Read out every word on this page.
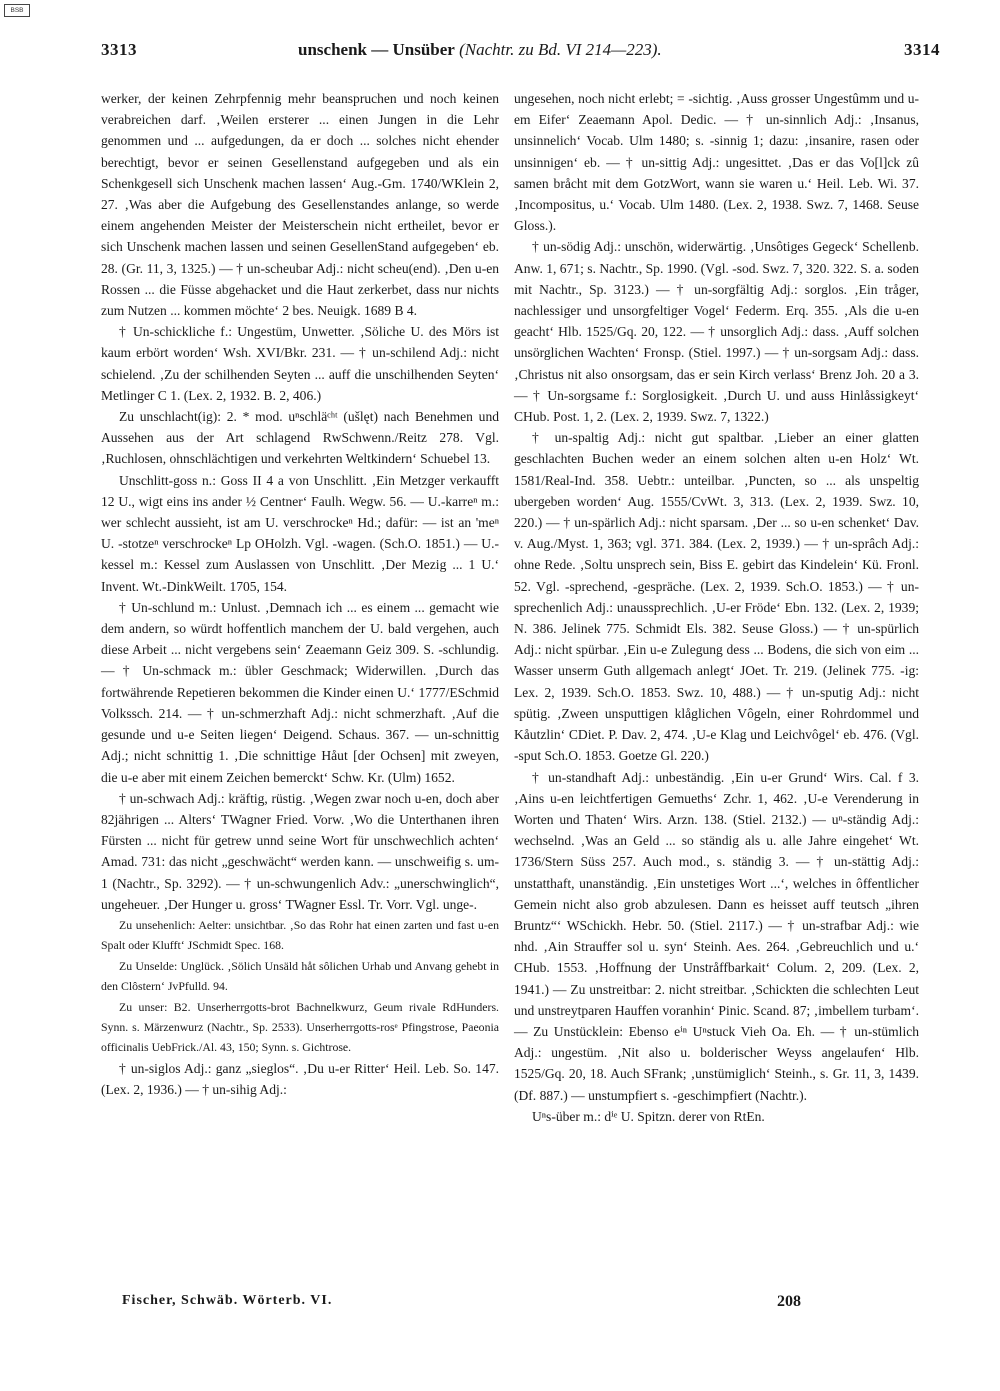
BSB
3313	unschenk — Unsüber (Nachtr. zu Bd. VI 214—223).	3314

werker, der keinen Zehrpfennig mehr beanspruchen und noch keinen verabreichen darf. ‚Weilen ersterer ... einen Jungen in die Lehr genommen und ... aufgedungen, da er doch ... solches nicht ehender berechtigt, bevor er seinen Gesellenstand aufgegeben und als ein Schenkgesell sich Unschenk machen lassen‘ Aug.-Gm. 1740/WKlein 2, 27. ‚Was aber die Aufgebung des Gesellenstandes anlange, so werde einem angehenden Meister der Meisterschein nicht ertheilet, bevor er sich Unschenk machen lassen und seinen GesellenStand aufgegeben‘ eb. 28. (Gr. 11, 3, 1325.) — † un-scheubar Adj.: nicht scheu(end). ‚Den u-en Rossen ... die Füsse abgehacket und die Haut zerkerbet, dass nur nichts zum Nutzen ... kommen möchte‘ 2 bes. Neuigk. 1689 B 4.

† Un-schickliche f.: Ungestüm, Unwetter. ‚Söliche U. des Mörs ist kaum erbört worden‘ Wsh. XVI/Bkr. 231. — † un-schilend Adj.: nicht schielend. ‚Zu der schilhenden Seyten ... auff die unschilhenden Seyten‘ Metlinger C 1. (Lex. 2, 1932. B. 2, 406.)

Zu unschlacht(ig): 2. * mod. uⁿschläᶜʰᵗ (ušlęt) nach Benehmen und Aussehen aus der Art schlagend RwSchwenn./Reitz 278. Vgl. ‚Ruchlosen, ohnschlächtigen und verkehrten Weltkindern‘ Schuebel 13.

Unschlitt-goss n.: Goss II 4 a von Unschlitt. ‚Ein Metzger verkaufft 12 U., wigt eins ins ander ½ Centner‘ Faulh. Wegw. 56. — U.-karreⁿ m.: wer schlecht aussieht, ist am U. verschrockeⁿ Hd.; dafür: — ist an 'meⁿ U. -stotzeⁿ verschrockeⁿ Lp OHolzh. Vgl. -wagen. (Sch.O. 1851.) — U.-kessel m.: Kessel zum Auslassen von Unschlitt. ‚Der Mezig ... 1 U.‘ Invent. Wt.-DinkWeilt. 1705, 154.

† Un-schlund m.: Unlust. ‚Demnach ich ... es einem ... gemacht wie dem andern, so würdt hoffentlich manchem der U. bald vergehen, auch diese Arbeit ... nicht vergebens sein‘ Zeaemann Geiz 309. S. -schlundig. — † Un-schmack m.: übler Geschmack; Widerwillen. ‚Durch das fortwährende Repetieren bekommen die Kinder einen U.‘ 1777/ESchmid Volkssch. 214. — † un-schmerzhaft Adj.: nicht schmerzhaft. ‚Auf die gesunde und u-e Seiten liegen‘ Deigend. Schaus. 367. — un-schnittig Adj.; nicht schnittig 1. ‚Die schnittige Håut [der Ochsen] mit zweyen, die u-e aber mit einem Zeichen bemerckt‘ Schw. Kr. (Ulm) 1652.

† un-schwach Adj.: kräftig, rüstig. ‚Wegen zwar noch u-en, doch aber 82jährigen ... Alters‘ TWagner Fried. Vorw. ‚Wo die Unterthanen ihren Fürsten ... nicht für getrew unnd seine Wort für unschwechlich achten‘ Amad. 731: das nicht „geschwächt“ werden kann. — unschweifig s. um- 1 (Nachtr., Sp. 3292). — † un-schwungenlich Adv.: „unerschwinglich“, ungeheuer. ‚Der Hunger u. gross‘ TWagner Essl. Tr. Vorr. Vgl. unge-.

Zu unsehenlich: Aelter: unsichtbar. ‚So das Rohr hat einen zarten und fast u-en Spalt oder Klufft‘ JSchmidt Spec. 168.

Zu Unselde: Unglück. ‚Sölich Unsäld håt sôlichen Urhab und Anvang gehebt in den Clôstern‘ JvPfulld. 94.

Zu unser: B2. Unserherrgotts-brot Bachnelkwurz, Geum rivale RdHunders. Synn. s. Märzenwurz (Nachtr., Sp. 2533). Unserherrgotts-rosᵉ Pfingstrose, Paeonia officinalis UebFrick./Al. 43, 150; Synn. s. Gichtrose.

† un-siglos Adj.: ganz „sieglos“. ‚Du u-er Ritter‘ Heil. Leb. So. 147. (Lex. 2, 1936.) — † un-sihig Adj.:

ungesehen, noch nicht erlebt; = -sichtig. ‚Auss grosser Ungestûmm und u-em Eifer‘ Zeaemann Apol. Dedic. — † un-sinnlich Adj.: ‚Insanus, unsinnelich‘ Vocab. Ulm 1480; s. -sinnig 1; dazu: ‚insanire, rasen oder unsinnigen‘ eb. — † un-sittig Adj.: ungesittet. ‚Das er das Vo[l]ck zû samen bråcht mit dem GotzWort, wann sie waren u.‘ Heil. Leb. Wi. 37. ‚Incompositus, u.‘ Vocab. Ulm 1480. (Lex. 2, 1938. Swz. 7, 1468. Seuse Gloss.).

† un-södig Adj.: unschön, widerwärtig. ‚Unsôtiges Gegeck‘ Schellenb. Anw. 1, 671; s. Nachtr., Sp. 1990. (Vgl. -sod. Swz. 7, 320. 322. S. a. soden mit Nachtr., Sp. 3123.) — † un-sorgfältig Adj.: sorglos. ‚Ein tråger, nachlessiger und unsorgfeltiger Vogel‘ Federm. Erq. 355. ‚Als die u-en geacht‘ Hlb. 1525/Gq. 20, 122. — † unsorglich Adj.: dass. ‚Auff solchen unsörglichen Wachten‘ Fronsp. (Stiel. 1997.) — † un-sorgsam Adj.: dass. ‚Christus nit also onsorgsam, das er sein Kirch verlass‘ Brenz Joh. 20 a 3. — † Un-sorgsame f.: Sorglosigkeit. ‚Durch U. und auss Hinlåssigkeyt‘ CHub. Post. 1, 2. (Lex. 2, 1939. Swz. 7, 1322.)

† un-spaltig Adj.: nicht gut spaltbar. ‚Lieber an einer glatten geschlachten Buchen weder an einem solchen alten u-en Holz‘ Wt. 1581/Real-Ind. 358. Uebtr.: unteilbar. ‚Puncten, so ... als unspeltig ubergeben worden‘ Aug. 1555/CvWt. 3, 313. (Lex. 2, 1939. Swz. 10, 220.) — † un-spärlich Adj.: nicht sparsam. ‚Der ... so u-en schenket‘ Dav. v. Aug./Myst. 1, 363; vgl. 371. 384. (Lex. 2, 1939.) — † un-sprâch Adj.: ohne Rede. ‚Soltu unsprech sein, Biss E. gebirt das Kindelein‘ Kü. Fronl. 52. Vgl. -sprechend, -gespräche. (Lex. 2, 1939. Sch.O. 1853.) — † un-sprechenlich Adj.: unaussprechlich. ‚U-er Fröde‘ Ebn. 132. (Lex. 2, 1939; N. 386. Jelinek 775. Schmidt Els. 382. Seuse Gloss.) — † un-spürlich Adj.: nicht spürbar. ‚Ein u-e Zulegung dess ... Bodens, die sich von eim ... Wasser unserm Guth allgemach anlegt‘ JOet. Tr. 219. (Jelinek 775. -ig: Lex. 2, 1939. Sch.O. 1853. Swz. 10, 488.) — † un-sputig Adj.: nicht spütig. ‚Zween unsputtigen klåglichen Vôgeln, einer Rohrdommel und Kåutzlin‘ CDiet. P. Dav. 2, 474. ‚U-e Klag und Leichvôgel‘ eb. 476. (Vgl. -sput Sch.O. 1853. Goetze Gl. 220.)

† un-standhaft Adj.: unbeständig. ‚Ein u-er Grund‘ Wirs. Cal. f 3. ‚Ains u-en leichtfertigen Gemueths‘ Zchr. 1, 462. ‚U-e Verenderung in Worten und Thaten‘ Wirs. Arzn. 138. (Stiel. 2132.) — uⁿ-ständig Adj.: wechselnd. ‚Was an Geld ... so ständig als u. alle Jahre eingehet‘ Wt. 1736/Stern Süss 257. Auch mod., s. ständig 3. — † un-stättig Adj.: unstatthaft, unanständig. ‚Ein unstetiges Wort ...‘, welches in ôffentlicher Gemein nicht also grob abzulesen. Dann es heisset auff teutsch „ihren Bruntz“‘ WSchickh. Hebr. 50. (Stiel. 2117.) — † un-strafbar Adj.: wie nhd. ‚Ain Strauffer sol u. syn‘ Steinh. Aes. 264. ‚Gebreuchlich und u.‘ CHub. 1553. ‚Hoffnung der Unstråffbarkait‘ Colum. 2, 209. (Lex. 2, 1941.) — Zu unstreitbar: 2. nicht streitbar. ‚Schickten die schlechten Leut und unstreytparen Hauffen voranhin‘ Pinic. Scand. 87; ‚imbellem turbam‘. — Zu Unstücklein: Ebenso eⁱⁿ Uⁿstuck Vieh Oa. Eh. — † un-stümlich Adj.: ungestüm. ‚Nit also u. bolderischer Weyss angelaufen‘ Hlb. 1525/Gq. 20, 18. Auch SFrank; ‚unstümiglich‘ Steinh., s. Gr. 11, 3, 1439. (Df. 887.) — unstumpfiert s. -geschimpfiert (Nachtr.).

Uⁿs-über m.: dⁱᵉ U. Spitzn. derer von RtEn.

Fischer, Schwäb. Wörterb. VI.	208
